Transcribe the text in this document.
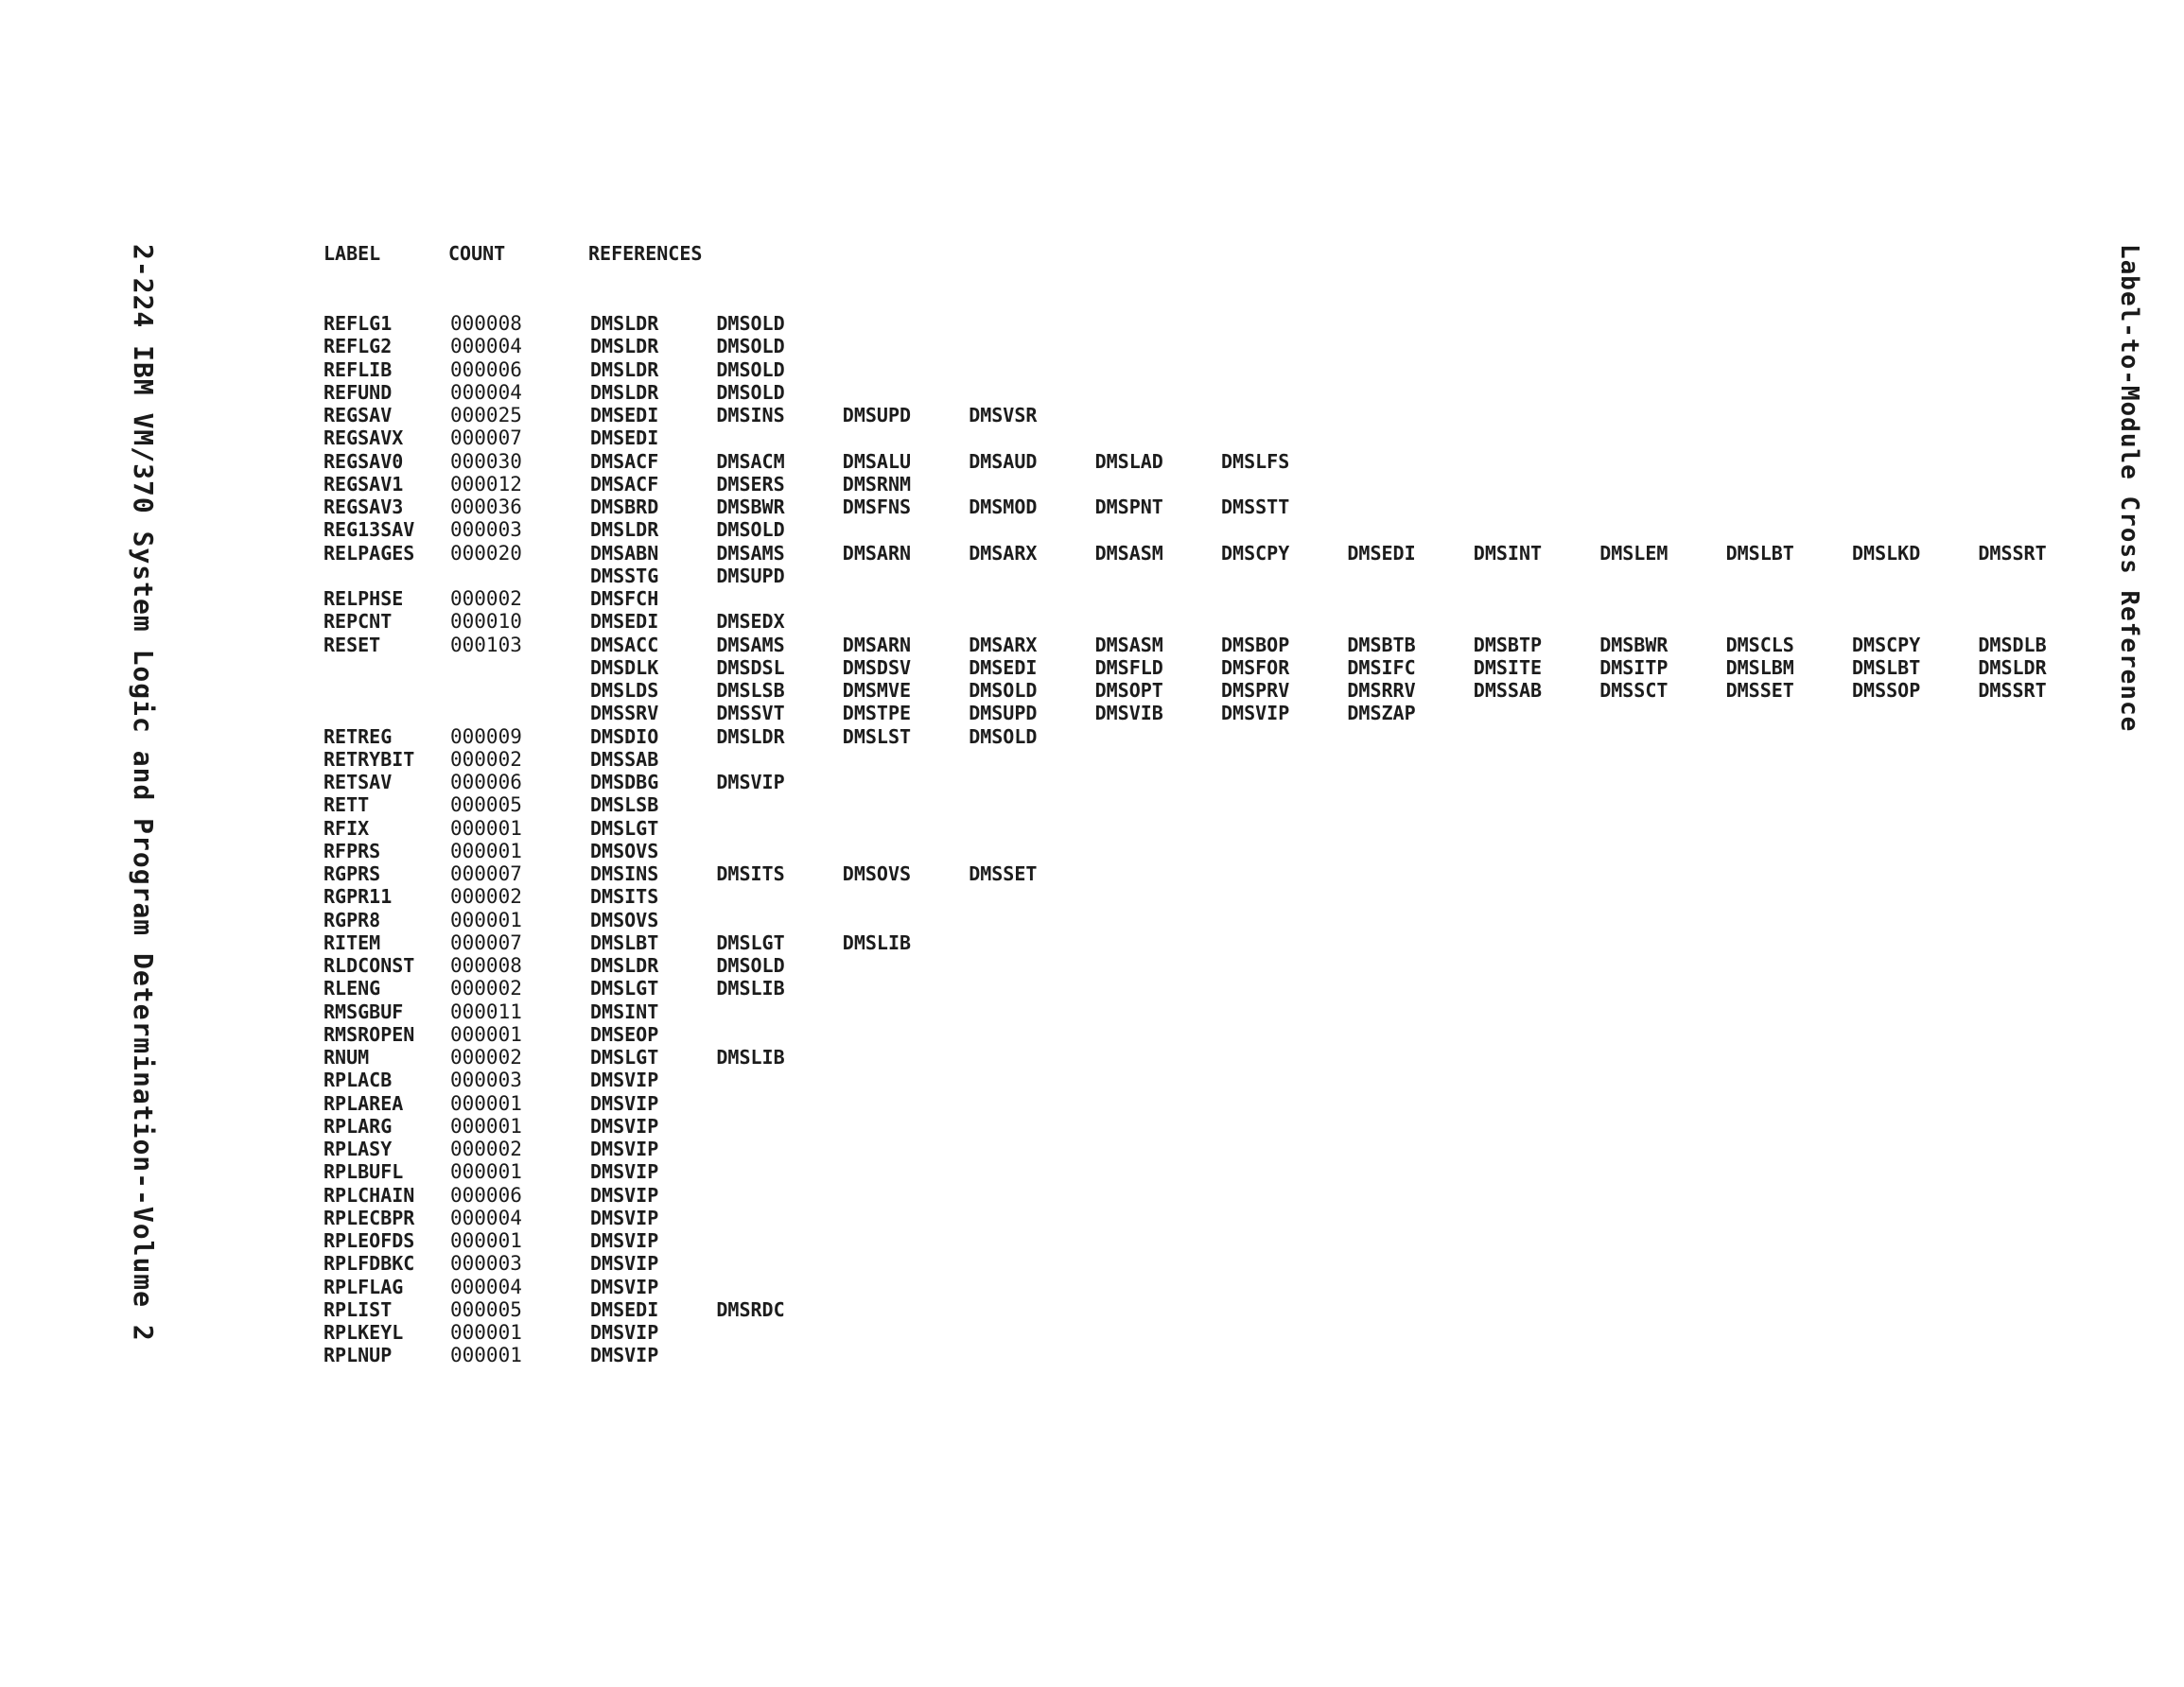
2-224 IBM VM/370 System Logic and Program Determination--Volume 2	Label-to-Module Cross Reference
LABEL	COUNT	REFERENCES
REFLG1	000008	DMSLDR	DMSOLD
REFLG2	000004	DMSLDR	DMSOLD
REFLIB	000006	DMSLDR	DMSOLD
REFUND	000004	DMSLDR	DMSOLD
REGSAV	000025	DMSEDI	DMSINS	DMSUPD	DMSVSR
REGSAVX 000007	DMSEDI
REGSAV0 000030	DMSACF	DMSACM	DMSALU	DMSAUD	DMSLAD	DMSLFS
REGSAV1 000012	DMSACF	DMSERS	DMSRNM
REGSAV3 000036	DMSBRD	DMSBWR	DMSFNS	DMSMOD	DMSPNT	DMSSTT
REG13SAV 000003	DMSLDR	DMSOLD
RELPAGES 000020	DMSABN	DMSAMS	DMSARN	DMSARX	DMSASM	DMSCPY	DMSEDI	DMSINT	DMSLEM	DMSLBT	DMSLKD	DMSSRT
DMSSTG	DMSUPD
RELPHSE 000002	DMSFCH
REPCNT	000010	DMSEDI	DMSEDX
RESET	000103	DMSACC	DMSAMS	DMSARN	DMSARX	DMSASM	DMSBOP	DMSBTB	DMSBTP	DMSBWR	DMSCLS	DMSCPY	DMSDLB
DMSDLK	DMSDSL	DMSDSV	DMSEDI	DMSFLD	DMSFOR	DMSIFC	DMSITE	DMSITP	DMSLBM	DMSLBT	DMSLDR
DMSLDS	DMSLSB	DMSMVE	DMSOLD	DMSOPT	DMSPRV	DMSRRV	DMSSAB	DMSSCT	DMSSET	DMSSOP	DMSSRT
DMSSRV	DMSSVT	DMSTPE	DMSUPD	DMSVIB	DMSVIP	DMSZAP
RETREG	000009	DMSDIO	DMSLDR	DMSLST	DMSOLD
RETRYBIT 000002	DMSSAB
RETSAV	000006	DMSDBG	DMSVIP
RETT	000005	DMSLSB
RFIX	000001	DMSLGT
RFPRS	000001	DMSOVS
RGPRS	000007	DMSINS	DMSITS	DMSOVS	DMSSET
RGPR11	000002	DMSITS
RGPR8	000001	DMSOVS
RITEM	000007	DMSLBT	DMSLGT	DMSLIB
RLDCONST 000008	DMSLDR	DMSOLD
RLENG	000002	DMSLGT	DMSLIB
RMSGBUF 000011	DMSINT
RMSROPEN 000001	DMSEOP
RNUM	000002	DMSLGT	DMSLIB
RPLACB	000003	DMSVIP
RPLAREA 000001	DMSVIP
RPLARG	000001	DMSVIP
RPLASY	000002	DMSVIP
RPLBUFL 000001	DMSVIP
RPLCHAIN 000006	DMSVIP
RPLECBPR 000004	DMSVIP
RPLEOFDS 000001	DMSVIP
RPLFDBKC 000003	DMSVIP
RPLFLAG 000004	DMSVIP
RPLIST	000005	DMSEDI	DMSRDC
RPLKEYL 000001	DMSVIP
RPLNUP	000001	DMSVIP
